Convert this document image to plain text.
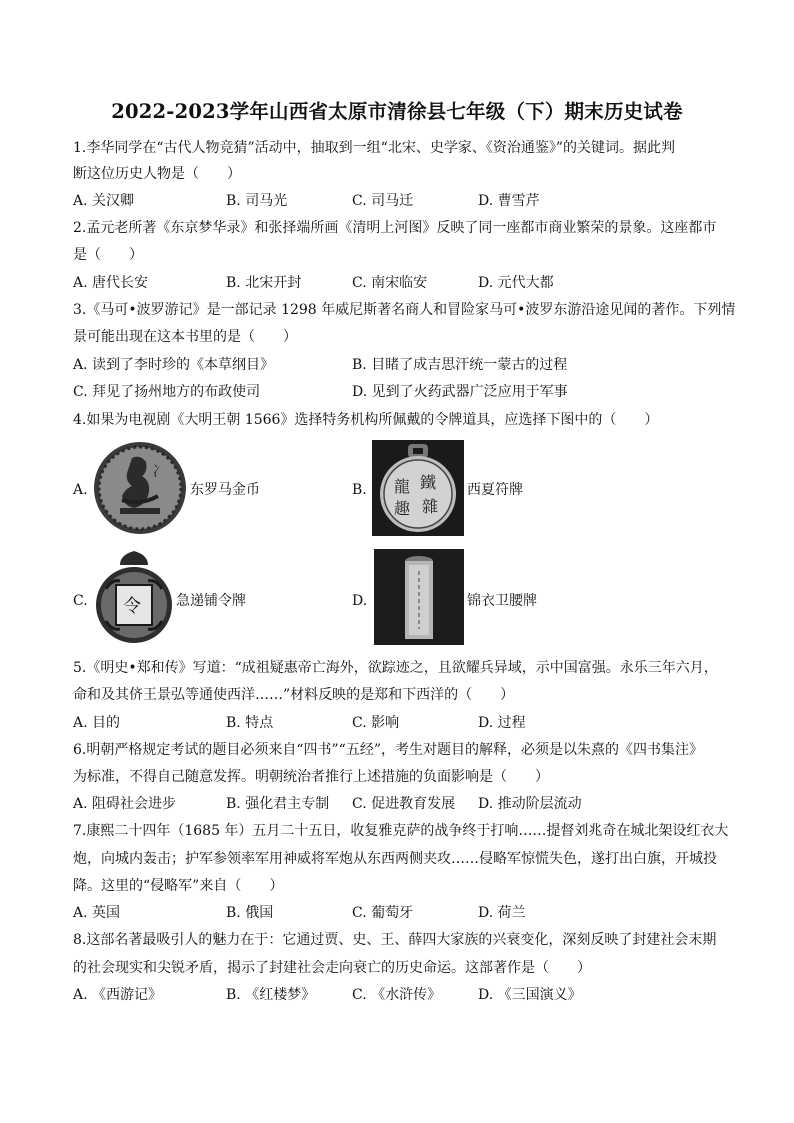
2022-2023学年山西省太原市清徐县七年级（下）期末历史试卷
1.李华同学在“古代人物竞猜”活动中，抽取到一组“北宋、史学家、《资治通鉴》”的关键词。据此判
断这位历史人物是（　　）
A. 关汉卿	B. 司马光	C. 司马迁	D. 曹雪芹
2.孟元老所著《东京梦华录》和张择端所画《清明上河图》反映了同一座都市商业繁荣的景象。这座都市
是（　　）
A. 唐代长安	B. 北宋开封	C. 南宋临安	D. 元代大都
3.《马可•波罗游记》是一部记录 1298 年威尼斯著名商人和冒险家马可•波罗东游沿途见闻的著作。下列情
景可能出现在这本书里的是（　　）
A. 读到了李时珍的《本草纲目》	B. 目睹了成吉思汗统一蒙古的过程
C. 拜见了扬州地方的布政使司	D. 见到了火药武器广泛应用于军事
4.如果为电视剧《大明王朝 1566》选择特务机构所佩戴的令牌道具，应选择下图中的（　　）
A.
冫
东罗马金币	B. 龍 鐵
趣 雜
西夏符牌
C. 令	急递铺令牌	D.	锦衣卫腰牌
5.《明史•郑和传》写道：“成祖疑惠帝亡海外，欲踪迹之，且欲耀兵异域，示中国富强。永乐三年六月，
命和及其侪王景弘等通使西洋……”材料反映的是郑和下西洋的（　　）
A. 目的	B. 特点	C. 影响	D. 过程
6.明朝严格规定考试的题目必须来自“四书”“五经”，考生对题目的解释，必须是以朱熹的《四书集注》
为标准，不得自己随意发挥。明朝统治者推行上述措施的负面影响是（　　）
A. 阻碍社会进步	B. 强化君主专制 C. 促进教育发展 D. 推动阶层流动
7.康熙二十四年（1685 年）五月二十五日，收复雅克萨的战争终于打响……提督刘兆奇在城北架设红衣大
炮，向城内轰击；护军参领率军用神威将军炮从东西两侧夹攻……侵略军惊慌失色，遂打出白旗，开城投
降。这里的“侵略军”来自（　　）
A. 英国	B. 俄国	C. 葡萄牙	D. 荷兰
8.这部名著最吸引人的魅力在于：它通过贾、史、王、薛四大家族的兴衰变化，深刻反映了封建社会末期
的社会现实和尖锐矛盾，揭示了封建社会走向衰亡的历史命运。这部著作是（　　）
A. 《西游记》	B. 《红楼梦》	C. 《水浒传》	D. 《三国演义》
